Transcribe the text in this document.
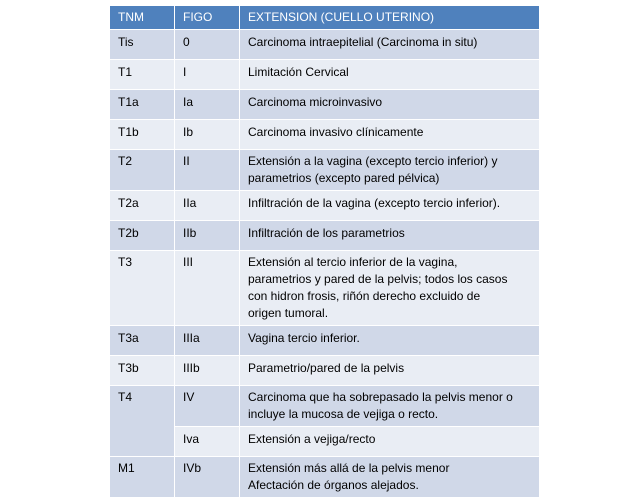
TNM	FIGO	EXTENSION (CUELLO UTERINO)
Tis	0	Carcinoma intraepitelial (Carcinoma in situ)
T1	I	Limitación Cervical
T1a	Ia	Carcinoma microinvasivo
T1b	Ib	Carcinoma invasivo clínicamente
T2	II	Extensión a la vagina (excepto tercio inferior) y
parametrios (excepto pared pélvica)
T2a	IIa	Infiltración de la vagina (excepto tercio inferior).
T2b	IIb	Infiltración de los parametrios
T3	III	Extensión al tercio inferior de la vagina,
parametrios y pared de la pelvis; todos los casos
con hidron frosis, riñón derecho excluido de
origen tumoral.
T3a	IIIa	Vagina tercio inferior.
T3b	IIIb	Parametrio/pared de la pelvis
T4	IV	Carcinoma que ha sobrepasado la pelvis menor o
incluye la mucosa de vejiga o recto.
	Iva	Extensión a vejiga/recto
M1	IVb	Extensión más allá de la pelvis menor
Afectación de órganos alejados.
